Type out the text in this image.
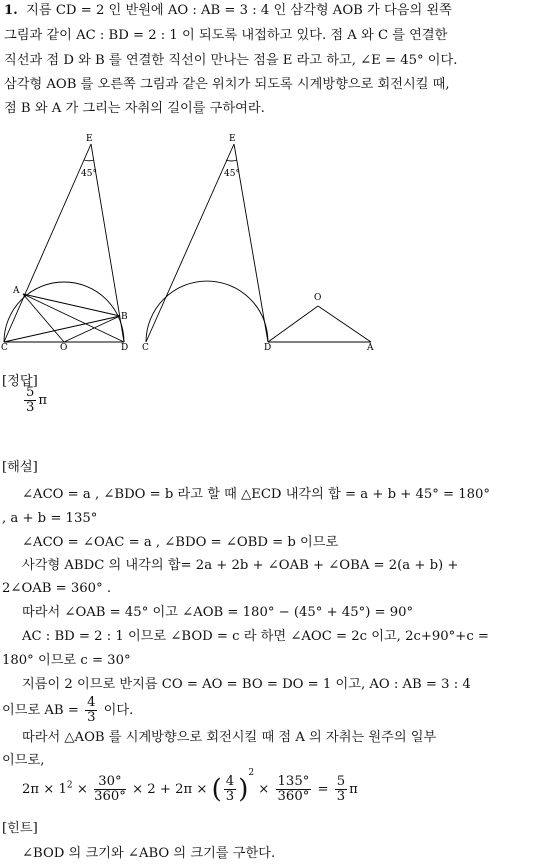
1. 지름 CD = 2 인 반원에 AO : AB = 3 : 4 인 삼각형 AOB 가 다음의 왼쪽
그림과 같이 AC : BD = 2 : 1 이 되도록 내접하고 있다. 점 A 와 C 를 연결한
직선과 점 D 와 B 를 연결한 직선이 만나는 점을 E 라고 하고, ∠E = 45° 이다.
삼각형 AOB 를 오른쪽 그림과 같은 위치가 되도록 시계방향으로 회전시킬 때,
점 B 와 A 가 그리는 자취의 길이를 구하여라.
E
45°
A
B
C	O	D
E
45°
O
C	D	A
[정답]
$\frac{5}{3}$ π
[해설]
∠ACO = a , ∠BDO = b 라고 할 때 △ECD 내각의 합 = a + b + 45° = 180°
, a + b = 135°
∠ACO = ∠OAC = a , ∠BDO = ∠OBD = b 이므로
사각형 ABDC 의 내각의 합= 2a + 2b + ∠OAB + ∠OBA = 2(a + b) +
2∠OAB = 360° .
따라서 ∠OAB = 45° 이고 ∠AOB = 180° − (45° + 45°) = 90°
AC : BD = 2 : 1 이므로 ∠BOD = c 라 하면 ∠AOC = 2c 이고, 2c+90°+c =
180° 이므로 c = 30°
지름이 2 이므로 반지름 CO = AO = BO = DO = 1 이고, AO : AB = 3 : 4
이므로 AB = $\frac{4}{3}$ 이다.
따라서 △AOB 를 시계방향으로 회전시킬 때 점 A 의 자취는 원주의 일부
이므로,
$2\pi \times 1^2 \times \frac{30^\circ}{360^\circ} \times 2 + 2\pi$ × ( $\frac{4}{3} )^2 \times \frac{135^\circ}{360^\circ} = \frac{5}{3}$ π
[힌트]
∠BOD 의 크기와 ∠ABO 의 크기를 구한다.
